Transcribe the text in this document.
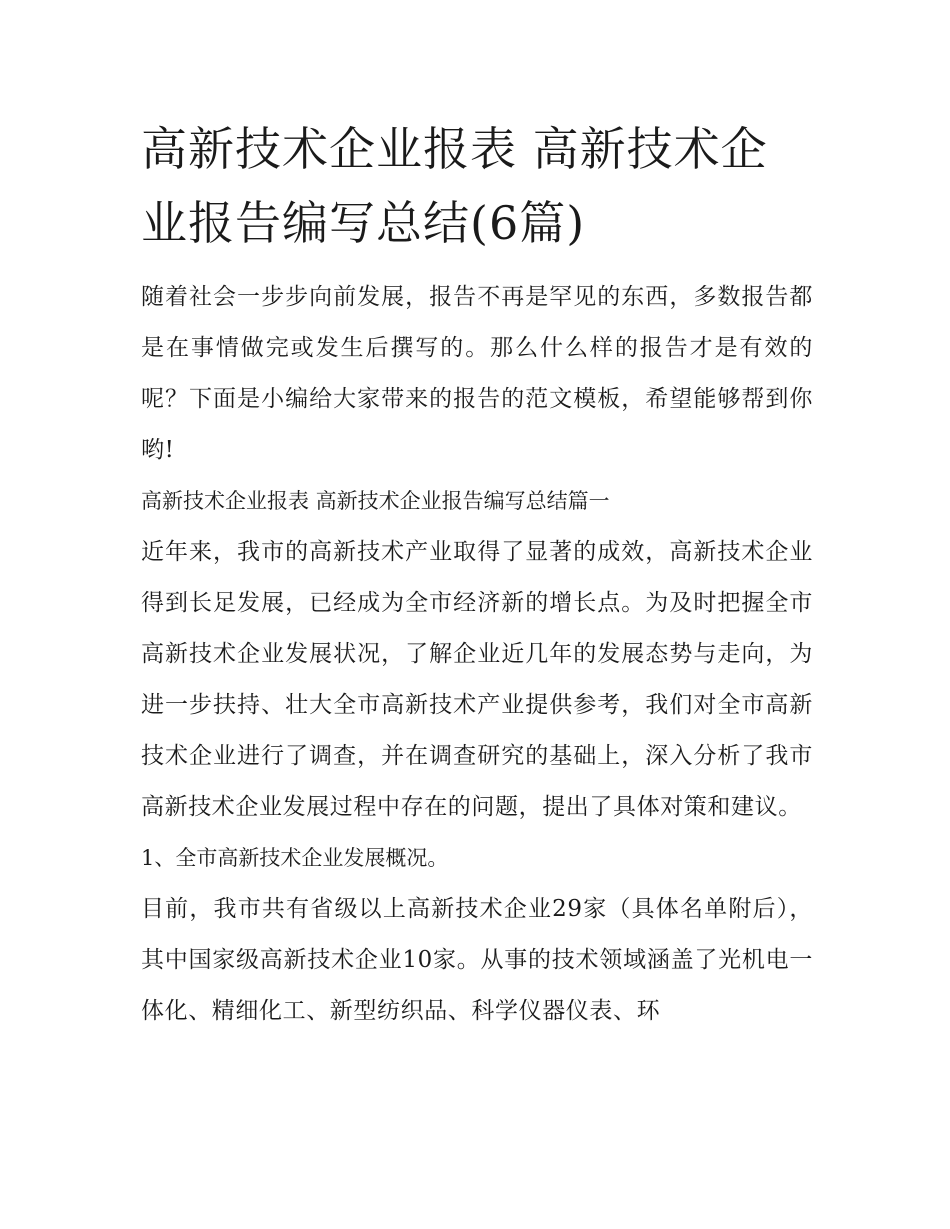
高新技术企业报表 高新技术企业报告编写总结(6篇)

随着社会一步步向前发展，报告不再是罕见的东西，多数报告都是在事情做完或发生后撰写的。那么什么样的报告才是有效的呢？下面是小编给大家带来的报告的范文模板，希望能够帮到你哟!

高新技术企业报表 高新技术企业报告编写总结篇一

近年来，我市的高新技术产业取得了显著的成效，高新技术企业得到长足发展，已经成为全市经济新的增长点。为及时把握全市高新技术企业发展状况，了解企业近几年的发展态势与走向，为进一步扶持、壮大全市高新技术产业提供参考，我们对全市高新技术企业进行了调查，并在调查研究的基础上，深入分析了我市高新技术企业发展过程中存在的问题，提出了具体对策和建议。

1、全市高新技术企业发展概况。

目前，我市共有省级以上高新技术企业29家（具体名单附后），其中国家级高新技术企业10家。从事的技术领域涵盖了光机电一体化、精细化工、新型纺织品、科学仪器仪表、环
